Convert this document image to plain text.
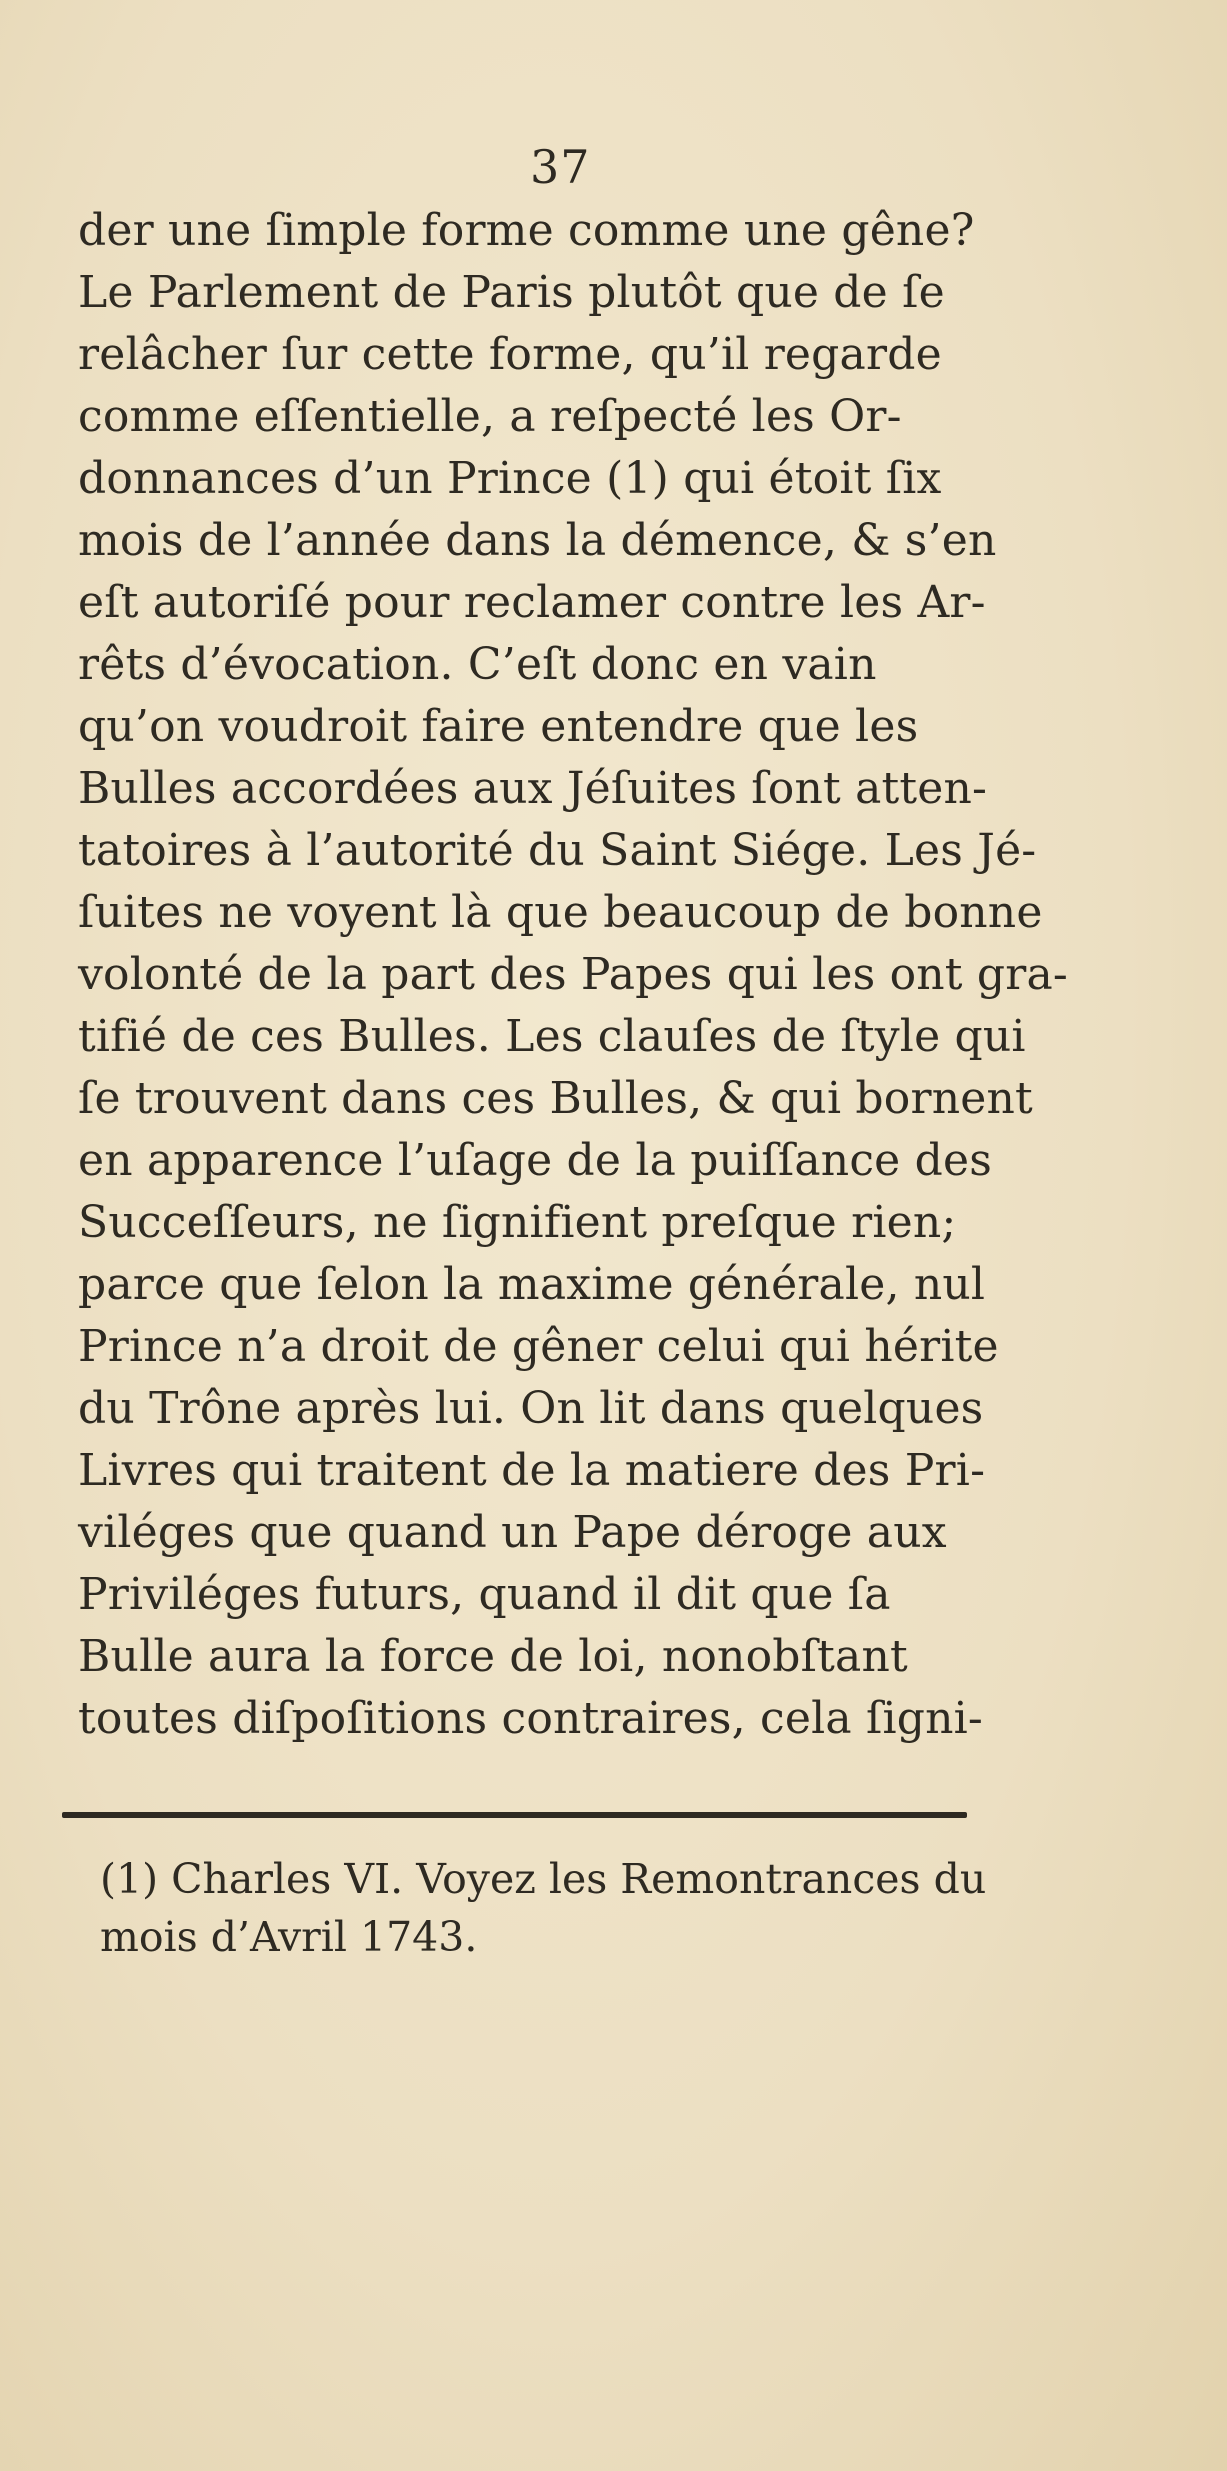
37
der une ſimple forme comme une gêne?
Le Parlement de Paris plutôt que de ſe
relâcher ſur cette forme, qu’il regarde
comme eſſentielle, a reſpecté les Or-
donnances d’un Prince (1) qui étoit ſix
mois de l’année dans la démence, & s’en
eſt autoriſé pour reclamer contre les Ar-
rêts d’évocation. C’eſt donc en vain
qu’on voudroit faire entendre que les
Bulles accordées aux Jéſuites ſont atten-
tatoires à l’autorité du Saint Siége. Les Jé-
ſuites ne voyent là que beaucoup de bonne
volonté de la part des Papes qui les ont gra-
tifié de ces Bulles. Les clauſes de ſtyle qui
ſe trouvent dans ces Bulles, & qui bornent
en apparence l’uſage de la puiſſance des
Succeſſeurs, ne ſignifient preſque rien;
parce que ſelon la maxime générale, nul
Prince n’a droit de gêner celui qui hérite
du Trône après lui. On lit dans quelques
Livres qui traitent de la matiere des Pri-
viléges que quand un Pape déroge aux
Priviléges futurs, quand il dit que ſa
Bulle aura la force de loi, nonobſtant
toutes diſpoſitions contraires, cela ſigni-
(1) Charles VI. Voyez les Remontrances du
mois d’Avril 1743.
